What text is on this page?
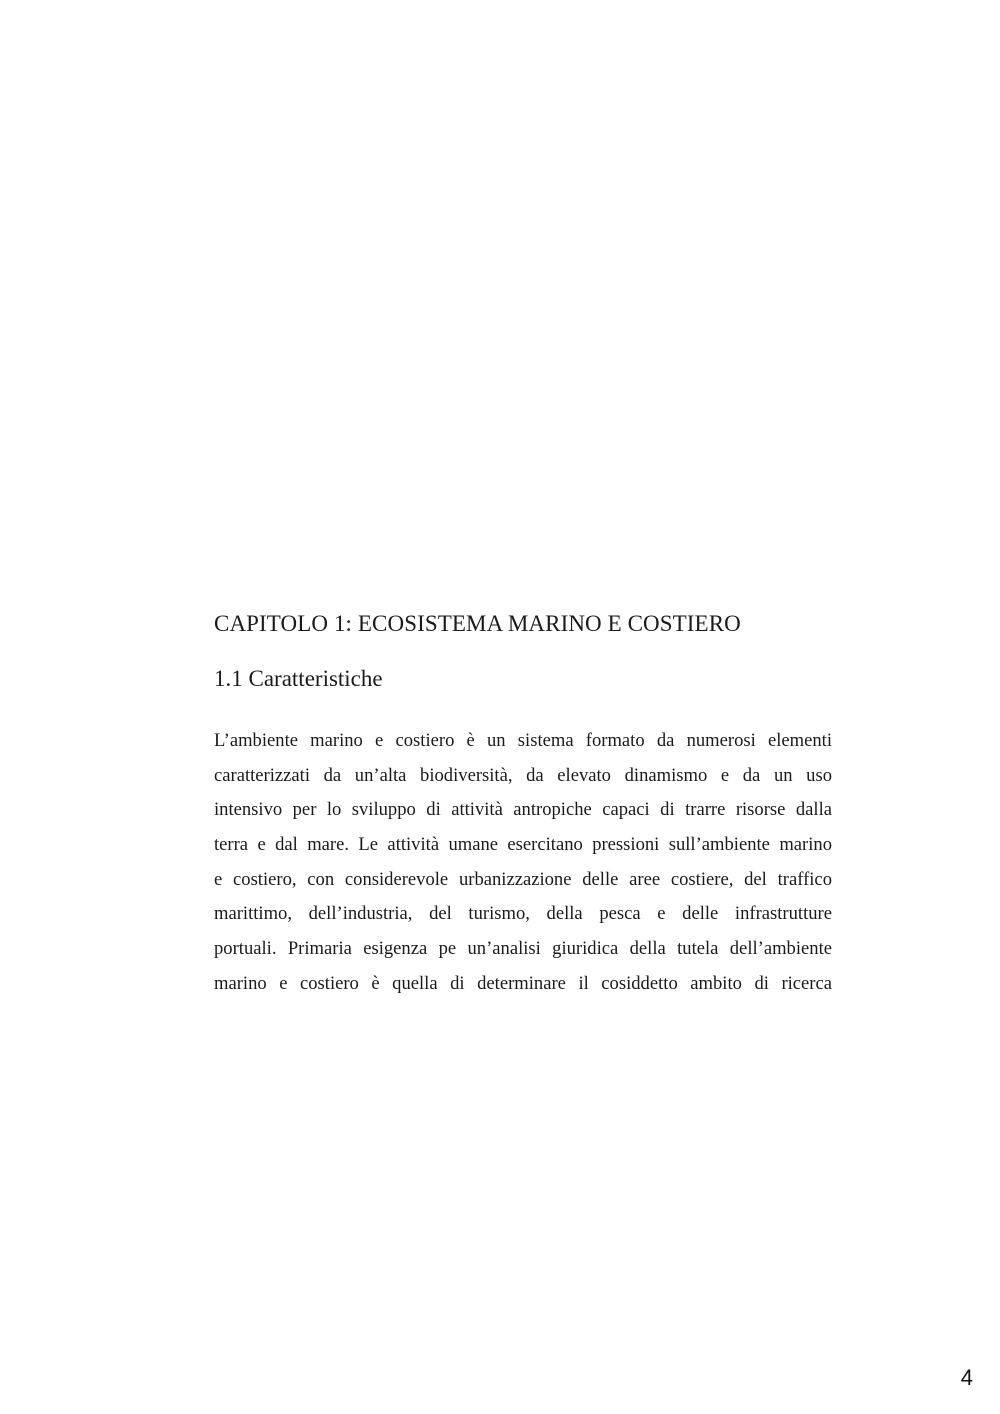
CAPITOLO 1: ECOSISTEMA MARINO E COSTIERO
1.1 Caratteristiche
L’ambiente marino e costiero è un sistema formato da numerosi elementi
caratterizzati da un’alta biodiversità, da elevato dinamismo e da un uso
intensivo per lo sviluppo di attività antropiche capaci di trarre risorse dalla
terra e dal mare. Le attività umane esercitano pressioni sull’ambiente marino
e costiero, con considerevole urbanizzazione delle aree costiere, del traffico
marittimo, dell’industria, del turismo, della pesca e delle infrastrutture
portuali. Primaria esigenza pe un’analisi giuridica della tutela dell’ambiente
marino e costiero è quella di determinare il cosiddetto ambito di ricerca
4
